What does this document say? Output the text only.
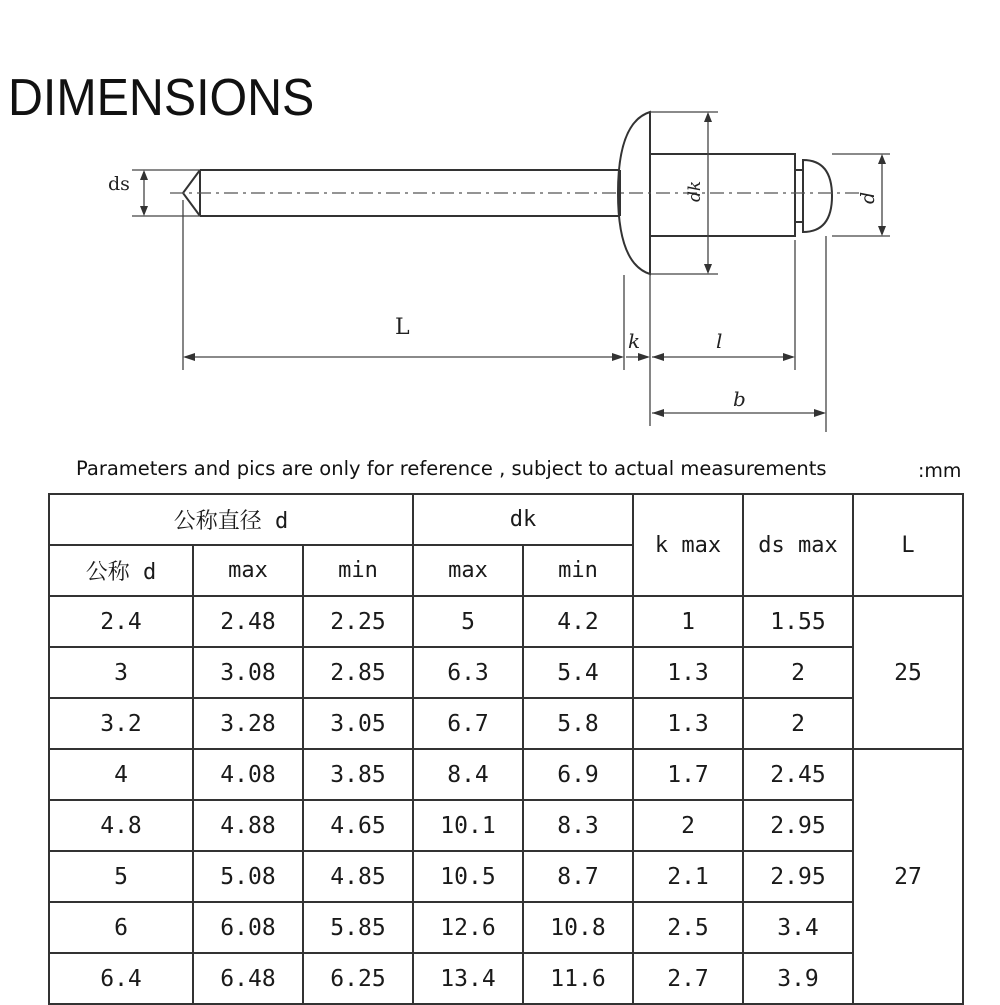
DIMENSIONS
ds
L
k	l
b
dk	d
Parameters and pics are only for reference , subject to actual measurements	:mm
公称直径 d			dk		k max	ds max	L
公称 d	max	min	max	min			
2.4	2.48	2.25	5	4.2	1	1.55	25
3	3.08	2.85	6.3	5.4	1.3	2	
3.2	3.28	3.05	6.7	5.8	1.3	2	
4	4.08	3.85	8.4	6.9	1.7	2.45	27
4.8	4.88	4.65	10.1	8.3	2	2.95	
5	5.08	4.85	10.5	8.7	2.1	2.95	
6	6.08	5.85	12.6	10.8	2.5	3.4	
6.4	6.48	6.25	13.4	11.6	2.7	3.9	
